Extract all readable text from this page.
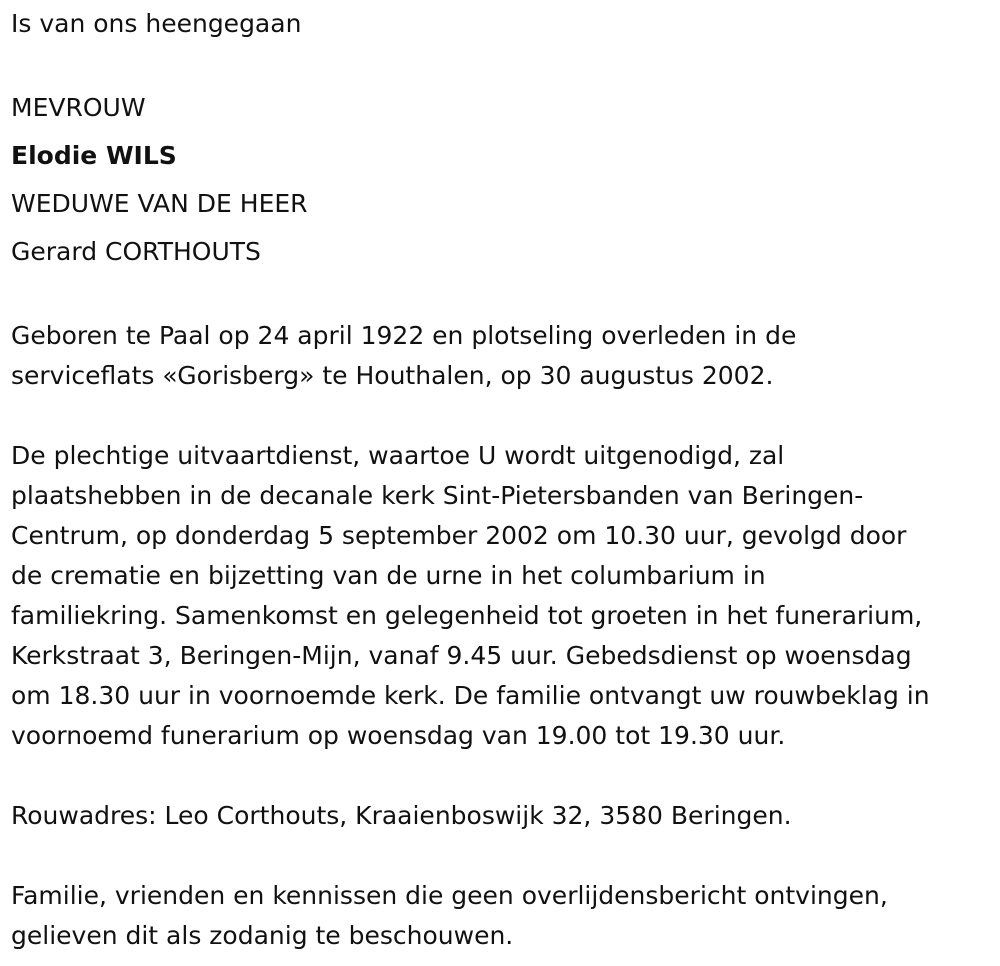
Is van ons heengegaan
MEVROUW
Elodie WILS
WEDUWE VAN DE HEER
Gerard CORTHOUTS
Geboren te Paal op 24 april 1922 en plotseling overleden in de
serviceflats «Gorisberg» te Houthalen, op 30 augustus 2002.
De plechtige uitvaartdienst, waartoe U wordt uitgenodigd, zal
plaatshebben in de decanale kerk Sint-Pietersbanden van Beringen-
Centrum, op donderdag 5 september 2002 om 10.30 uur, gevolgd door
de crematie en bijzetting van de urne in het columbarium in
familiekring. Samenkomst en gelegenheid tot groeten in het funerarium,
Kerkstraat 3, Beringen-Mijn, vanaf 9.45 uur. Gebedsdienst op woensdag
om 18.30 uur in voornoemde kerk. De familie ontvangt uw rouwbeklag in
voornoemd funerarium op woensdag van 19.00 tot 19.30 uur.
Rouwadres: Leo Corthouts, Kraaienboswijk 32, 3580 Beringen.
Familie, vrienden en kennissen die geen overlijdensbericht ontvingen,
gelieven dit als zodanig te beschouwen.
